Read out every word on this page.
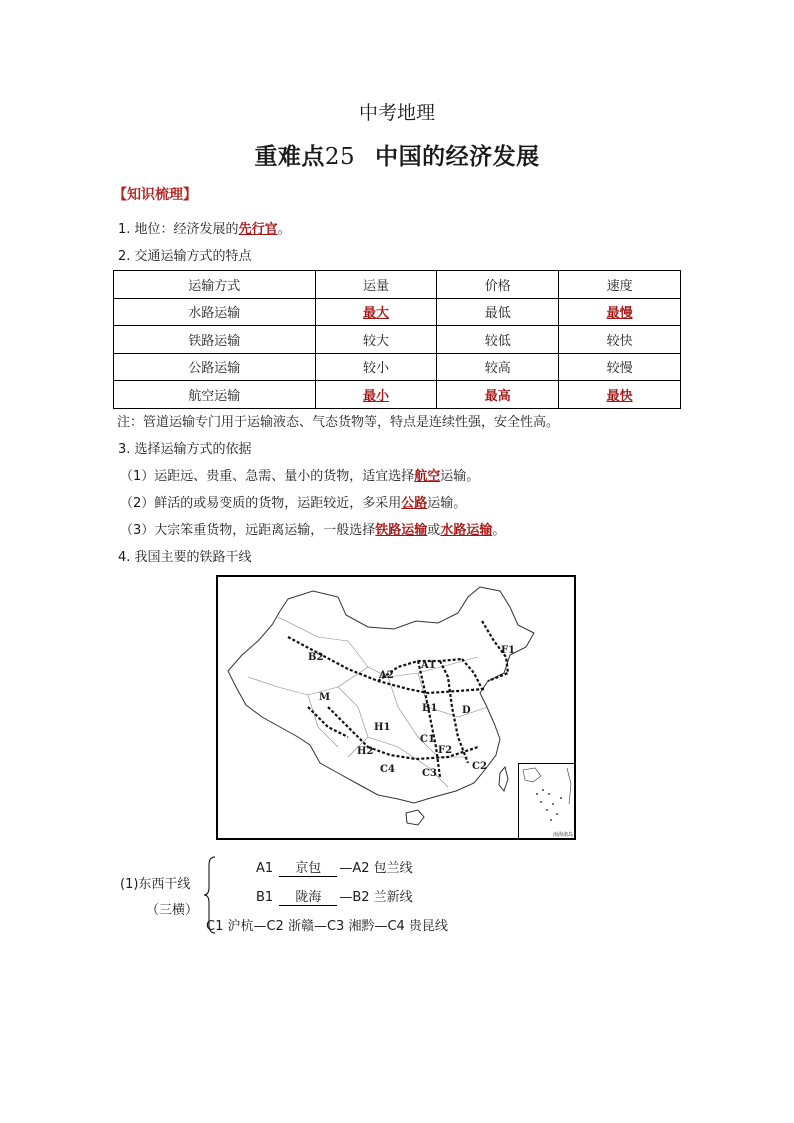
中考地理
重难点25 中国的经济发展
【知识梳理】
1. 地位：经济发展的先行官。
2. 交通运输方式的特点
运输方式	运量	价格	速度
水路运输	最大	最低	最慢
铁路运输	较大	较低	较快
公路运输	较小	较高	较慢
航空运输	最小	最高	最快
注：管道运输专门用于运输液态、气态货物等，特点是连续性强，安全性高。
3. 选择运输方式的依据
（1）运距远、贵重、急需、量小的货物，适宜选择航空运输。
（2）鲜活的或易变质的货物，运距较近，多采用公路运输。
（3）大宗笨重货物，远距离运输，一般选择铁路运输或水路运输。
4. 我国主要的铁路干线
B2
A1
A2
F1
M
B1 D
H1
C1
H2	F2
C4	C2
C3
南海诸岛
(1)东西干线
（三横）
A1 京包 —A2 包兰线
B1 陇海 —B2 兰新线
C1 沪杭—C2 浙赣—C3 湘黔—C4 贵昆线
